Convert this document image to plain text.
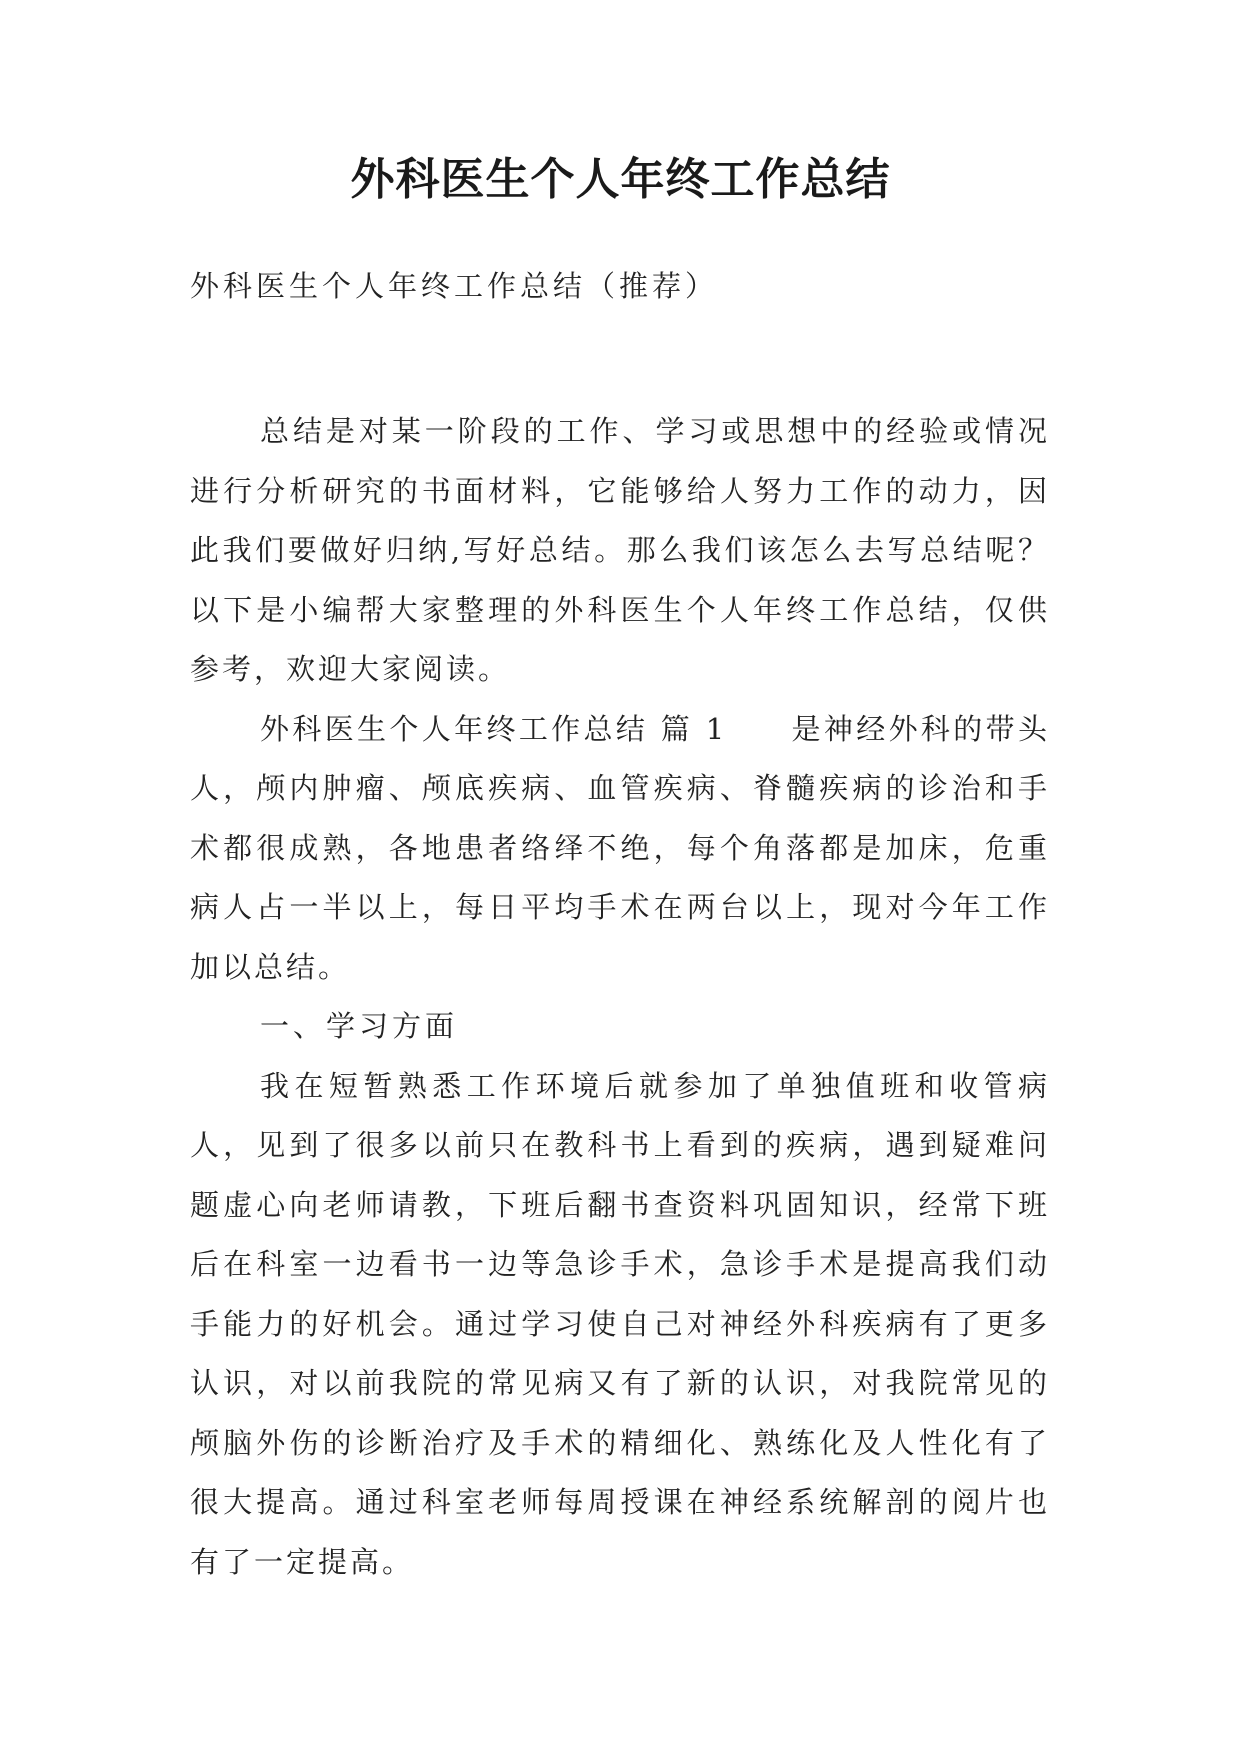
外科医生个人年终工作总结

外科医生个人年终工作总结（推荐）

总结是对某一阶段的工作、学习或思想中的经验或情况进行分析研究的书面材料，它能够给人努力工作的动力，因此我们要做好归纳,写好总结。那么我们该怎么去写总结呢？以下是小编帮大家整理的外科医生个人年终工作总结，仅供参考，欢迎大家阅读。

外科医生个人年终工作总结 篇 1 是神经外科的带头人，颅内肿瘤、颅底疾病、血管疾病、脊髓疾病的诊治和手术都很成熟，各地患者络绎不绝，每个角落都是加床，危重病人占一半以上，每日平均手术在两台以上，现对今年工作加以总结。

一、学习方面

我在短暂熟悉工作环境后就参加了单独值班和收管病人，见到了很多以前只在教科书上看到的疾病，遇到疑难问题虚心向老师请教，下班后翻书查资料巩固知识，经常下班后在科室一边看书一边等急诊手术，急诊手术是提高我们动手能力的好机会。通过学习使自己对神经外科疾病有了更多认识，对以前我院的常见病又有了新的认识，对我院常见的颅脑外伤的诊断治疗及手术的精细化、熟练化及人性化有了很大提高。通过科室老师每周授课在神经系统解剖的阅片也有了一定提高。
